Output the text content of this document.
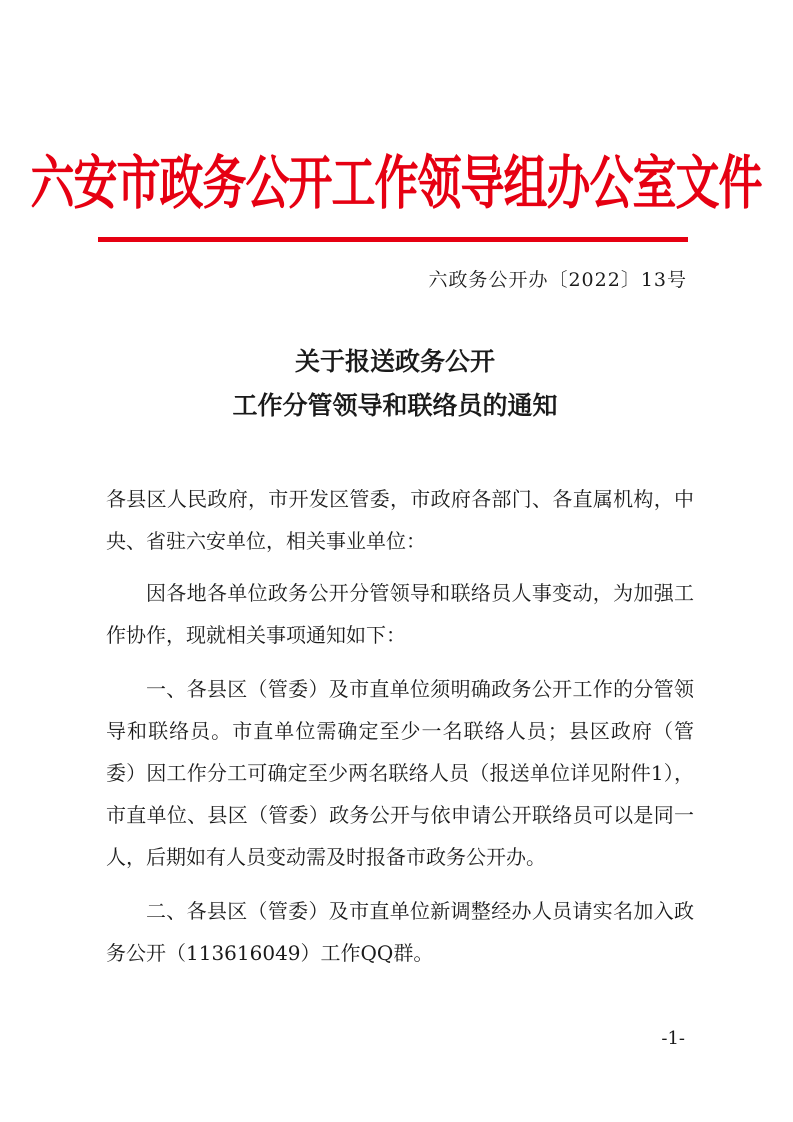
六安市政务公开工作领导组办公室文件
六政务公开办〔2022〕13号
关于报送政务公开
工作分管领导和联络员的通知

各县区人民政府，市开发区管委，市政府各部门、各直属机构，中央、省驻六安单位，相关事业单位：

因各地各单位政务公开分管领导和联络员人事变动，为加强工作协作，现就相关事项通知如下：

一、各县区（管委）及市直单位须明确政务公开工作的分管领导和联络员。市直单位需确定至少一名联络人员；县区政府（管委）因工作分工可确定至少两名联络人员（报送单位详见附件1），市直单位、县区（管委）政务公开与依申请公开联络员可以是同一人，后期如有人员变动需及时报备市政务公开办。

二、各县区（管委）及市直单位新调整经办人员请实名加入政务公开（113616049）工作QQ群。

-1-
